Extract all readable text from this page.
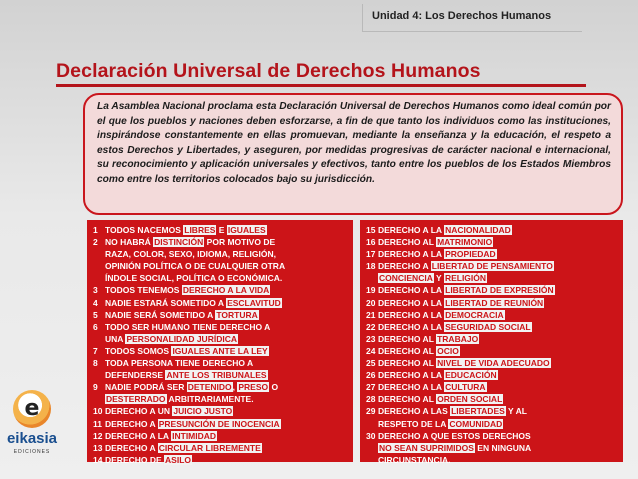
Unidad 4: Los Derechos Humanos
Declaración Universal de Derechos Humanos

La Asamblea Nacional proclama esta Declaración Universal de Derechos Humanos como ideal común por el que los pueblos y naciones deben esforzarse, a fin de que tanto los individuos como las instituciones, inspirándose constantemente en ellas promuevan, mediante la enseñanza y la educación, el respeto a estos Derechos y Libertades, y aseguren, por medidas progresivas de carácter nacional e internacional, su reconocimiento y aplicación universales y efectivos, tanto entre los pueblos de los Estados Miembros como entre los territorios colocados bajo su jurisdicción.

1 TODOS NACEMOS LIBRES E IGUALES
2 NO HABRÁ DISTINCIÓN POR MOTIVO DE
RAZA, COLOR, SEXO, IDIOMA, RELIGIÓN,
OPINIÓN POLÍTICA O DE CUALQUIER OTRA
ÍNDOLE SOCIAL, POLÍTICA O ECONÓMICA.
3 TODOS TENEMOS DERECHO A LA VIDA
4 NADIE ESTARÁ SOMETIDO A ESCLAVITUD
5 NADIE SERÁ SOMETIDO A TORTURA
6 TODO SER HUMANO TIENE DERECHO A
UNA PERSONALIDAD JURÍDICA
7 TODOS SOMOS IGUALES ANTE LA LEY
8 TODA PERSONA TIENE DERECHO A
DEFENDERSE ANTE LOS TRIBUNALES
9 NADIE PODRÁ SER DETENIDO, PRESO O
DESTERRADO ARBITRARIAMENTE.
10 DERECHO A UN JUICIO JUSTO
11 DERECHO A PRESUNCIÓN DE INOCENCIA
12 DERECHO A LA INTIMIDAD
13 DERECHO A CIRCULAR LIBREMENTE
14 DERECHO DE ASILO
15 DERECHO A LA NACIONALIDAD
16 DERECHO AL MATRIMONIO
17 DERECHO A LA PROPIEDAD
18 DERECHO A LIBERTAD DE PENSAMIENTO
CONCIENCIA Y RELIGIÓN
19 DERECHO A LA LIBERTAD DE EXPRESIÓN
20 DERECHO A LA LIBERTAD DE REUNIÓN
21 DERECHO A LA DEMOCRACIA
22 DERECHO A LA SEGURIDAD SOCIAL
23 DERECHO AL TRABAJO
24 DERECHO AL OCIO
25 DERECHO AL NIVEL DE VIDA ADECUADO
26 DERECHO A LA EDUCACIÓN
27 DERECHO A LA CULTURA
28 DERECHO AL ORDEN SOCIAL
29 DERECHO A LAS LIBERTADES Y AL
RESPETO DE LA COMUNIDAD
30 DERECHO A QUE ESTOS DERECHOS
NO SEAN SUPRIMIDOS EN NINGUNA
CIRCUNSTANCIA.
e
eikasia
EDICIONES
